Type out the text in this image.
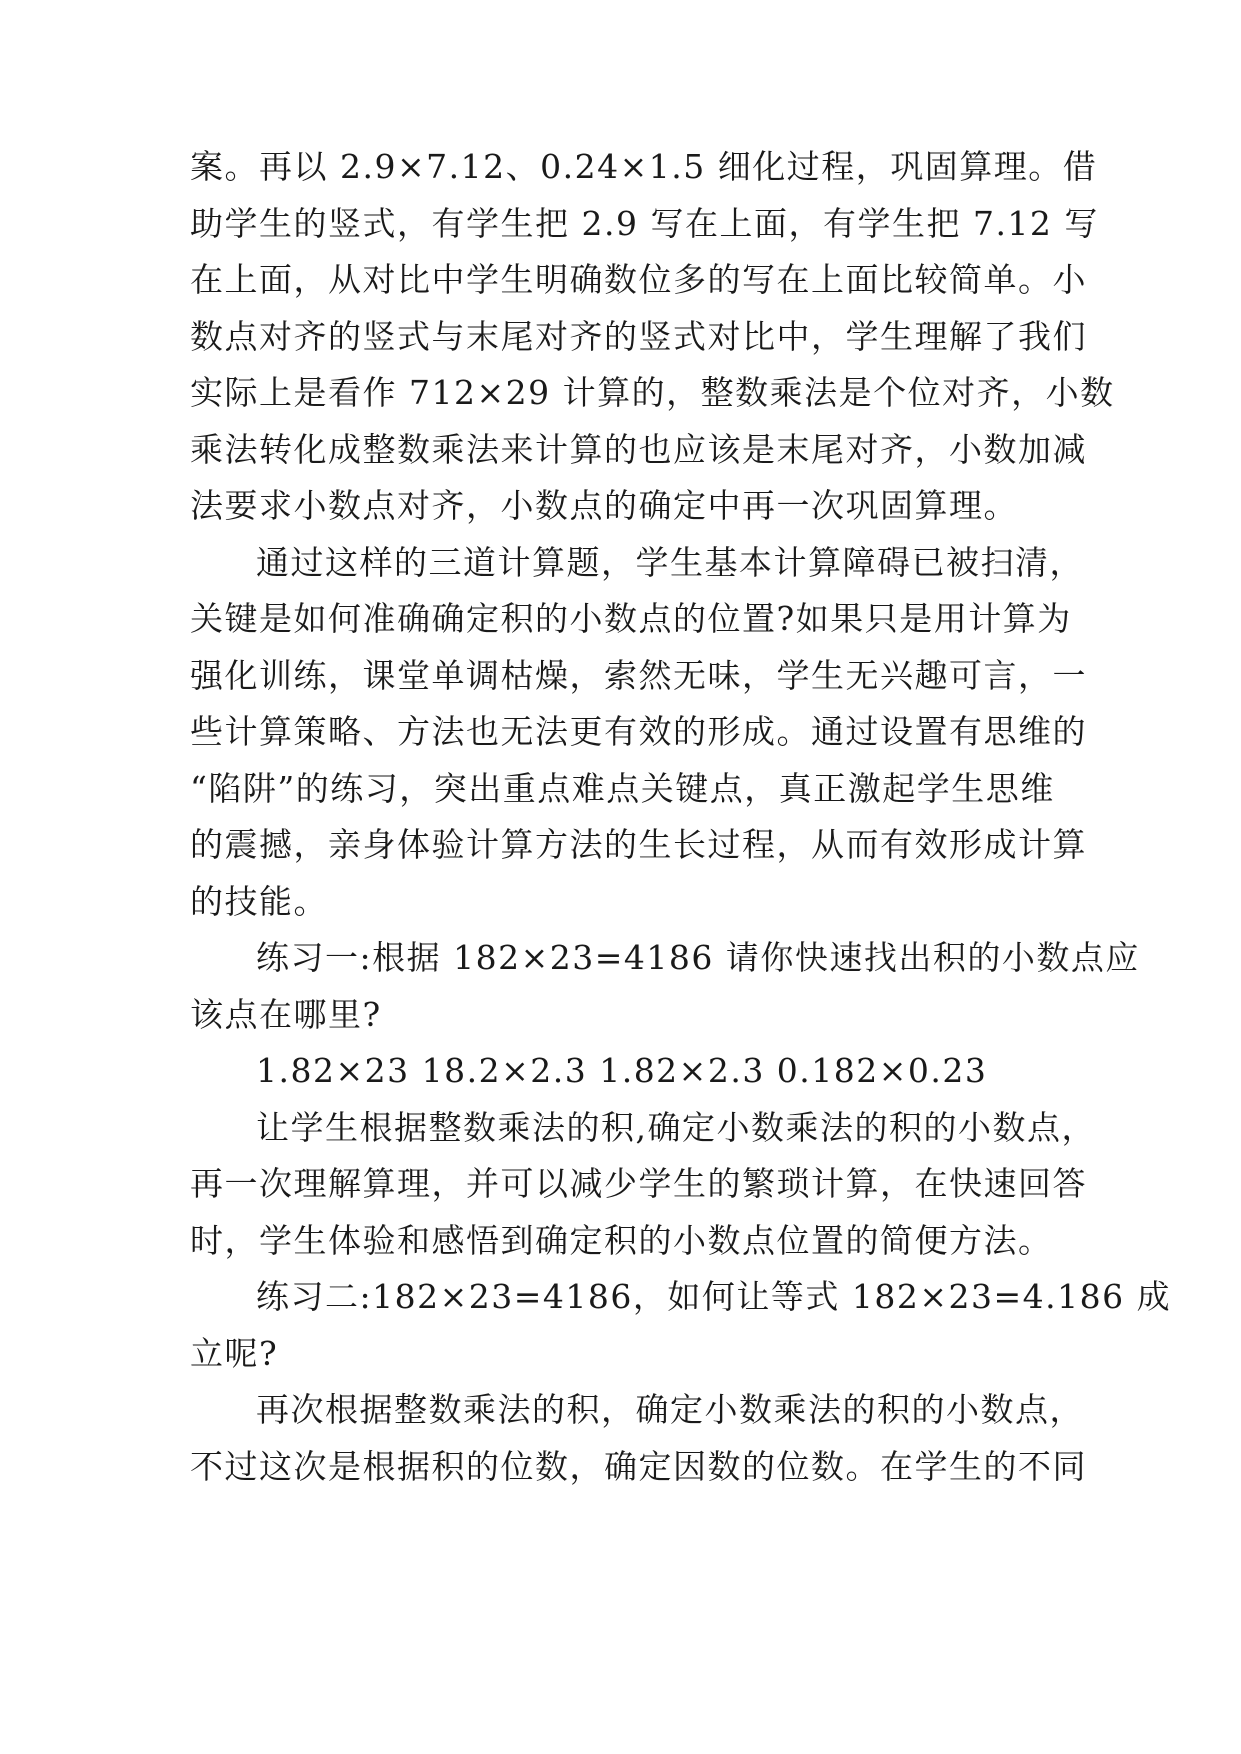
案。再以 2.9×7.12、0.24×1.5 细化过程，巩固算理。借
助学生的竖式，有学生把 2.9 写在上面，有学生把 7.12 写
在上面，从对比中学生明确数位多的写在上面比较简单。小
数点对齐的竖式与末尾对齐的竖式对比中，学生理解了我们
实际上是看作 712×29 计算的，整数乘法是个位对齐，小数
乘法转化成整数乘法来计算的也应该是末尾对齐，小数加减
法要求小数点对齐，小数点的确定中再一次巩固算理。
通过这样的三道计算题，学生基本计算障碍已被扫清，
关键是如何准确确定积的小数点的位置?如果只是用计算为
强化训练，课堂单调枯燥，索然无味，学生无兴趣可言，一
些计算策略、方法也无法更有效的形成。通过设置有思维的
“陷阱”的练习，突出重点难点关键点，真正激起学生思维
的震撼，亲身体验计算方法的生长过程，从而有效形成计算
的技能。
练习一:根据 182×23=4186 请你快速找出积的小数点应
该点在哪里?
1.82×23 18.2×2.3 1.82×2.3 0.182×0.23
让学生根据整数乘法的积,确定小数乘法的积的小数点，
再一次理解算理，并可以减少学生的繁琐计算，在快速回答
时，学生体验和感悟到确定积的小数点位置的简便方法。
练习二:182×23=4186，如何让等式 182×23=4.186 成
立呢?
再次根据整数乘法的积，确定小数乘法的积的小数点，
不过这次是根据积的位数，确定因数的位数。在学生的不同
